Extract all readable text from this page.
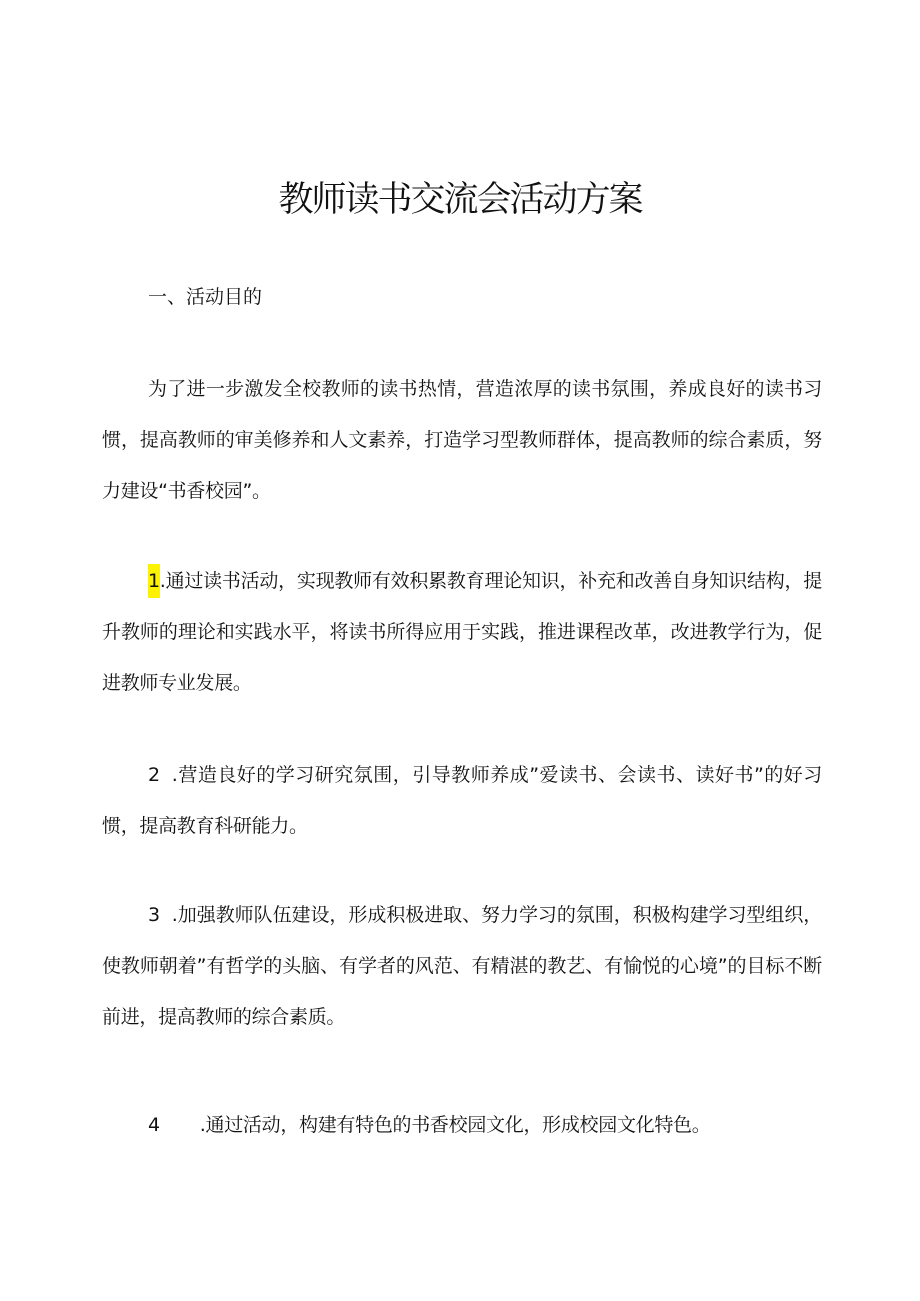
教师读书交流会活动方案

一、活动目的

为了进一步激发全校教师的读书热情，营造浓厚的读书氛围，养成良好的读书习惯，提高教师的审美修养和人文素养，打造学习型教师群体，提高教师的综合素质，努力建设“书香校园”。

1.通过读书活动，实现教师有效积累教育理论知识，补充和改善自身知识结构，提升教师的理论和实践水平，将读书所得应用于实践，推进课程改革，改进教学行为，促进教师专业发展。

2 .营造良好的学习研究氛围，引导教师养成”爱读书、会读书、读好书”的好习惯，提高教育科研能力。

3 .加强教师队伍建设，形成积极进取、努力学习的氛围，积极构建学习型组织，使教师朝着”有哲学的头脑、有学者的风范、有精湛的教艺、有愉悦的心境”的目标不断前进，提高教师的综合素质。

4 .通过活动，构建有特色的书香校园文化，形成校园文化特色。
